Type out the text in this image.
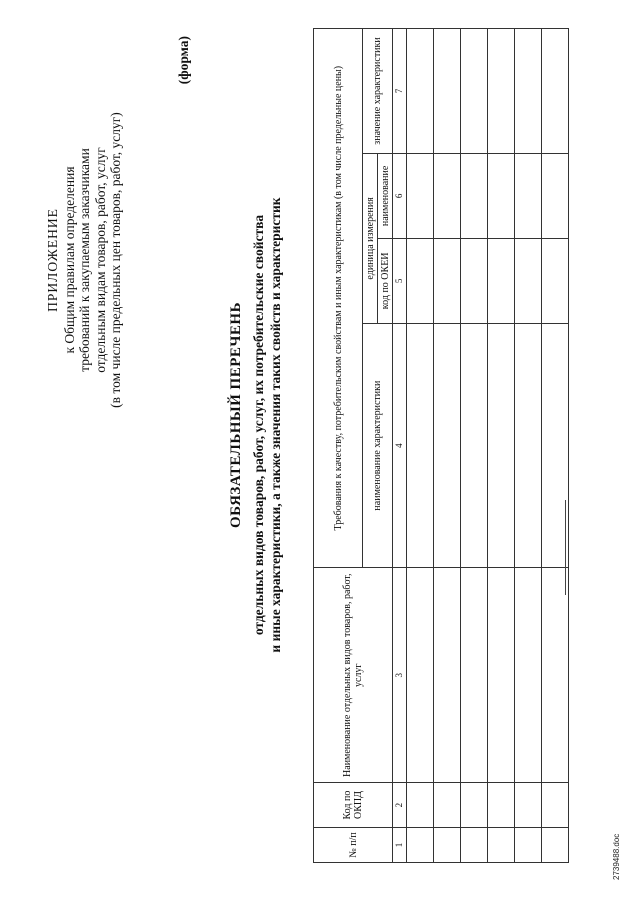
ПРИЛОЖЕНИЕ к Общим правилам определения требований к закупаемым заказчиками отдельным видам товаров, работ, услуг (в том числе предельных цен товаров, работ, услуг)
(форма)
ОБЯЗАТЕЛЬНЫЙ ПЕРЕЧЕНЬ отдельных видов товаров, работ, услуг, их потребительские свойства и иные характеристики, а также значения таких свойств и характеристик
№ п/п	Код по ОКПД	Наименование отдельных видов товаров, работ, услуг	Требования к качеству, потребительским свойствам и иным характеристикам (в том числе предельные цены)			
			наименование характеристики	единица измерения		значение характеристики
				код по ОКЕИ	наименование	
1	2	3	4	5	6	7

2739488.doc
